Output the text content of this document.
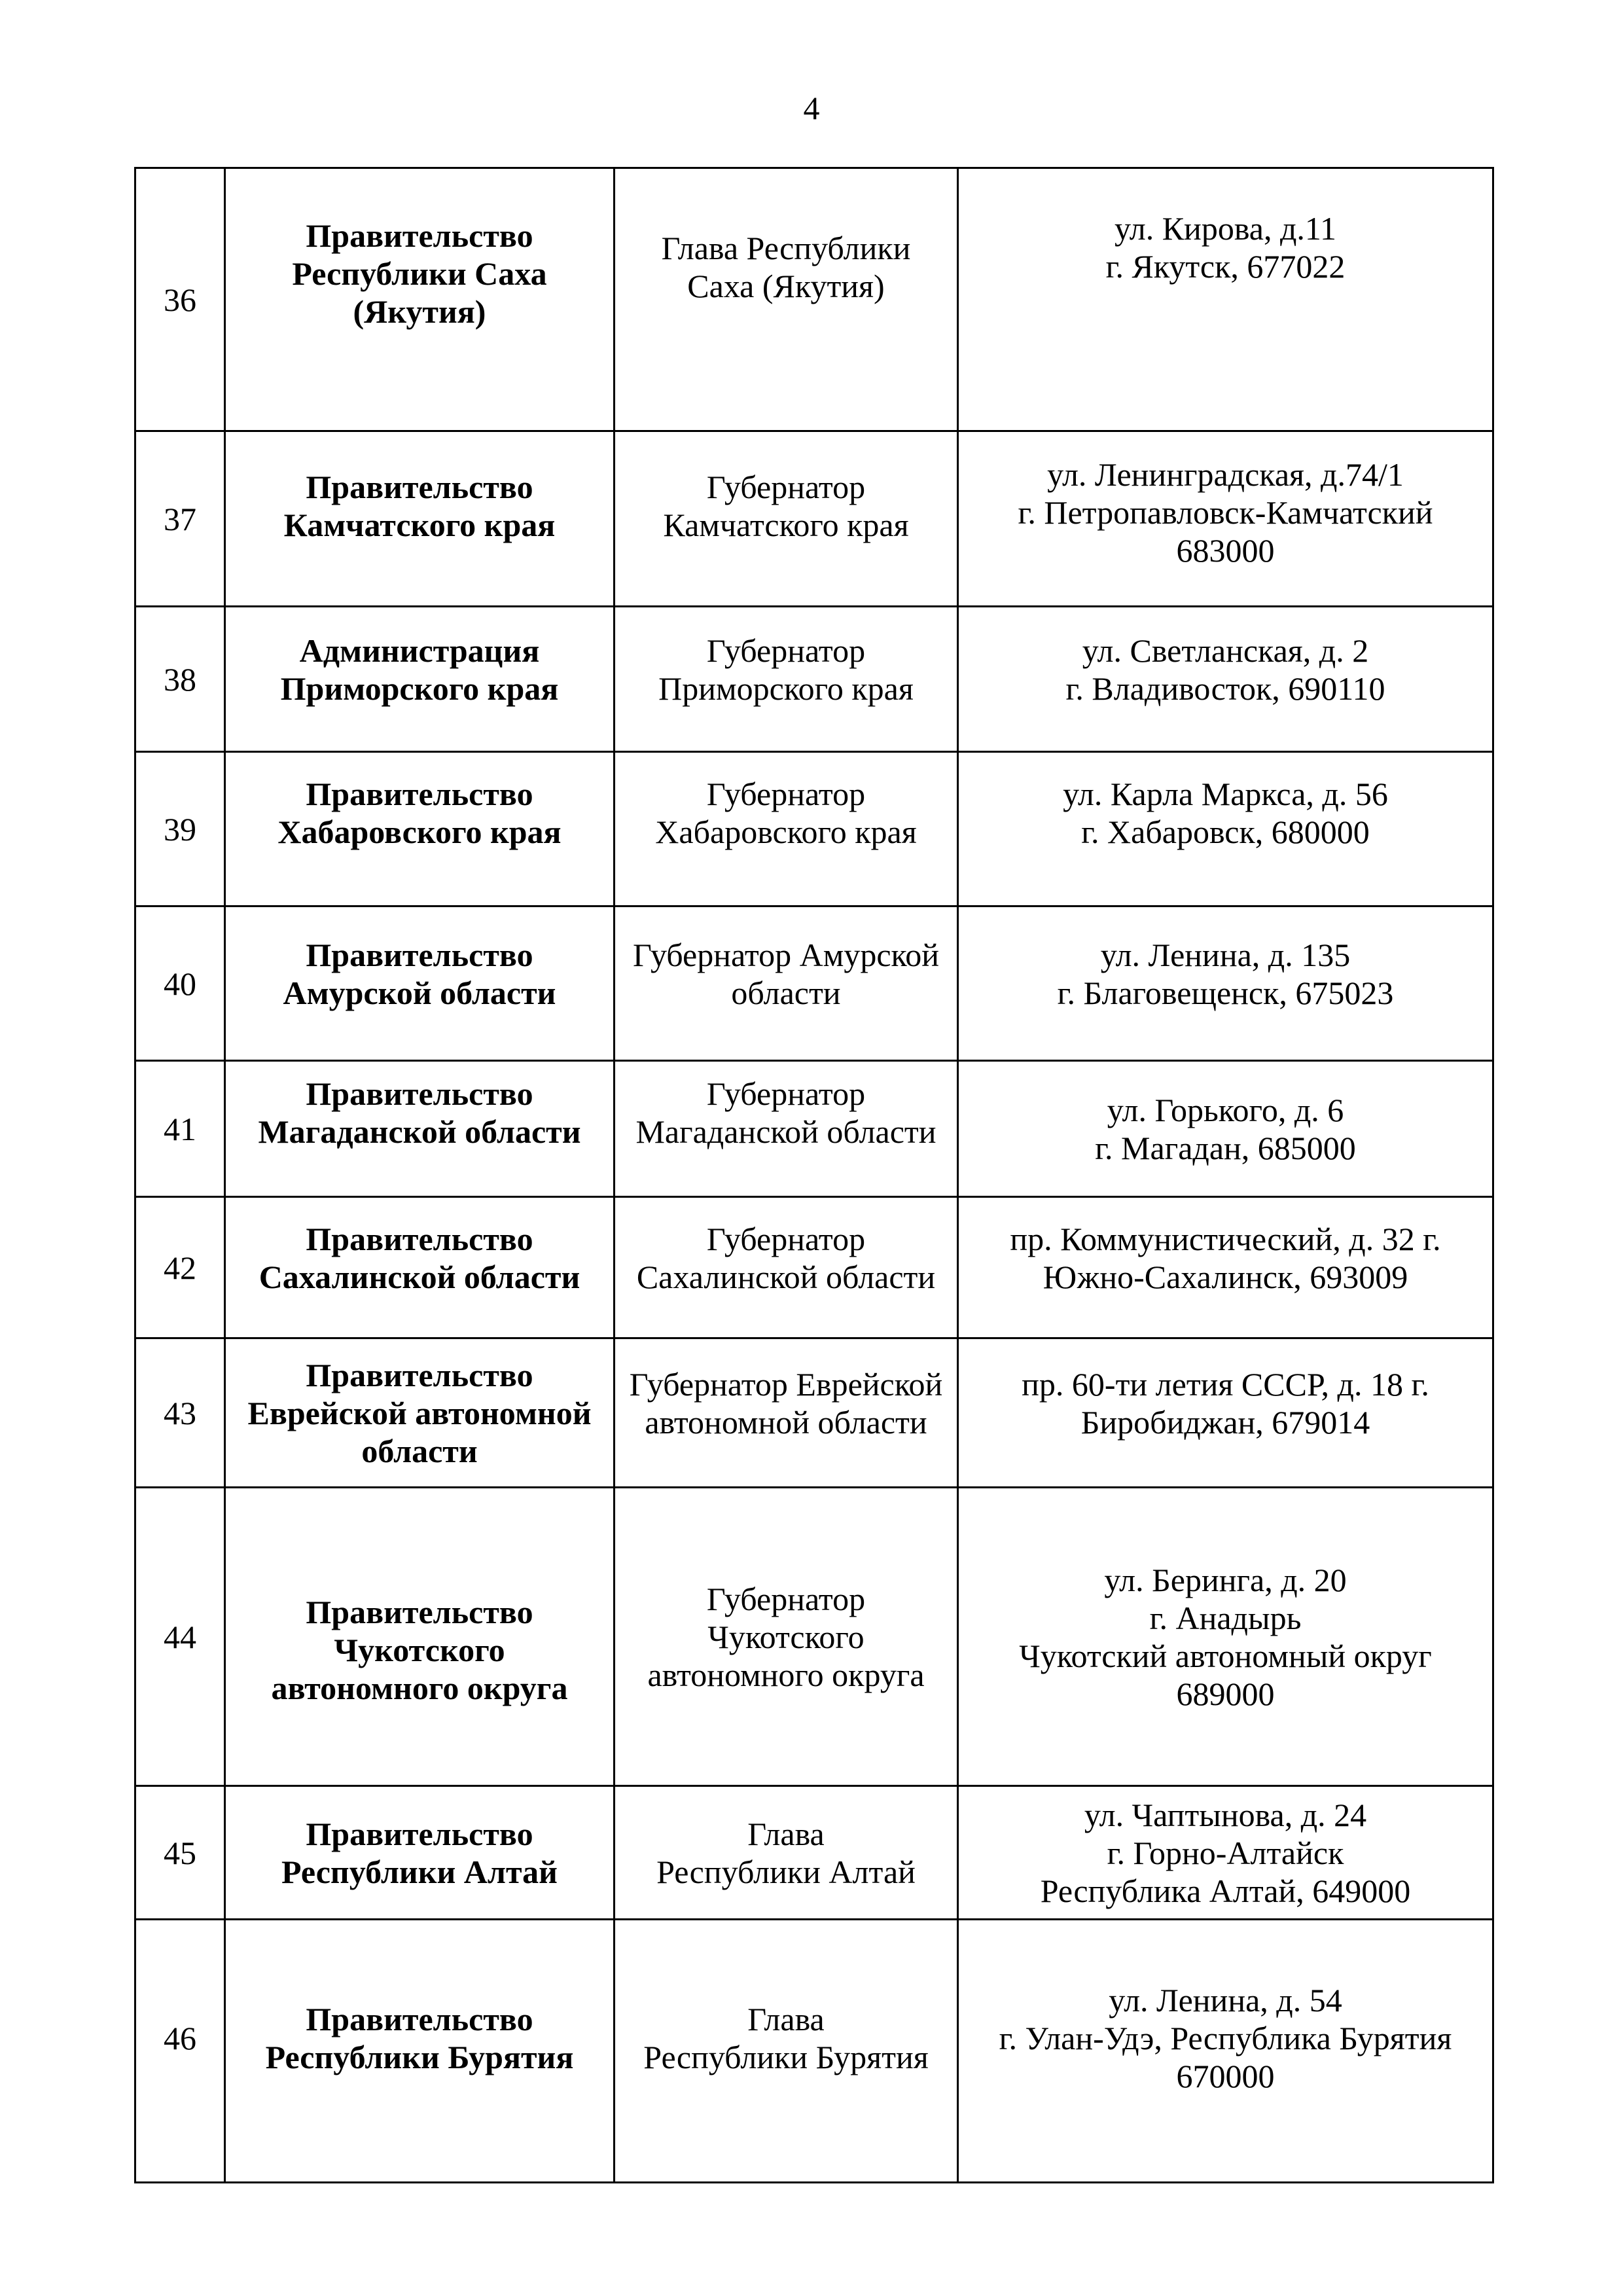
4
36	Правительство
Республики Саха
(Якутия)	Глава Республики
Саха (Якутия)	ул. Кирова, д.11
г. Якутск, 677022

37	Правительство
Камчатского края	Губернатор
Камчатского края	ул. Ленинградская, д.74/1
г. Петропавловск-Камчатский
683000

38	Администрация
Приморского края	Губернатор
Приморского края	ул. Светланская, д. 2
г. Владивосток, 690110

39	Правительство
Хабаровского края	Губернатор
Хабаровского края	ул. Карла Маркса, д. 56
г. Хабаровск, 680000

40	Правительство
Амурской области	Губернатор Амурской
области	ул. Ленина, д. 135
г. Благовещенск, 675023

41	Правительство
Магаданской области	Губернатор
Магаданской области	ул. Горького, д. 6
г. Магадан, 685000

42	Правительство
Сахалинской области	Губернатор
Сахалинской области	пр. Коммунистический, д. 32 г.
Южно-Сахалинск, 693009

43	Правительство
Еврейской автономной
области	Губернатор Еврейской
автономной области	пр. 60-ти летия СССР, д. 18 г.
Биробиджан, 679014

44	Правительство
Чукотского
автономного округа	Губернатор
Чукотского
автономного округа	ул. Беринга, д. 20
г. Анадырь
Чукотский автономный округ
689000

45	Правительство
Республики Алтай	Глава
Республики Алтай	ул. Чаптынова, д. 24
г. Горно-Алтайск
Республика Алтай, 649000

46	Правительство
Республики Бурятия	Глава
Республики Бурятия	ул. Ленина, д. 54
г. Улан-Удэ, Республика Бурятия
670000
